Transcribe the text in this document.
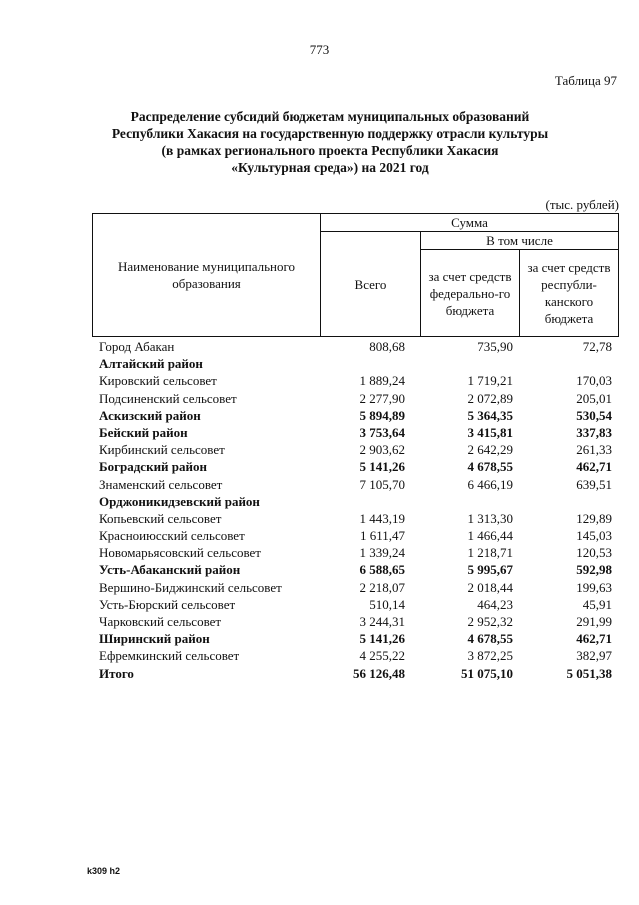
773
Таблица 97
Распределение субсидий бюджетам муниципальных образований
Республики Хакасия на государственную поддержку отрасли культуры
(в рамках регионального проекта Республики Хакасия
«Культурная среда») на 2021 год
(тыс. рублей)
Наименование муниципального образования
Сумма
Всего
В том числе
за счет средств федерально-го бюджета
за счет средств республи-канского бюджета
Город Абакан	808,68	735,90	72,78
Алтайский район
Кировский сельсовет	1 889,24	1 719,21	170,03
Подсиненский сельсовет	2 277,90	2 072,89	205,01
Аскизский район	5 894,89	5 364,35	530,54
Бейский район	3 753,64	3 415,81	337,83
Кирбинский сельсовет	2 903,62	2 642,29	261,33
Боградский район	5 141,26	4 678,55	462,71
Знаменский сельсовет	7 105,70	6 466,19	639,51
Орджоникидзевский район
Копьевский сельсовет	1 443,19	1 313,30	129,89
Красноиюсский сельсовет	1 611,47	1 466,44	145,03
Новомарьясовский сельсовет	1 339,24	1 218,71	120,53
Усть-Абаканский район	6 588,65	5 995,67	592,98
Вершино-Биджинский сельсовет	2 218,07	2 018,44	199,63
Усть-Бюрский сельсовет	510,14	464,23	45,91
Чарковский сельсовет	3 244,31	2 952,32	291,99
Ширинский район	5 141,26	4 678,55	462,71
Ефремкинский сельсовет	4 255,22	3 872,25	382,97
Итого	56 126,48	51 075,10	5 051,38
k309 h2
